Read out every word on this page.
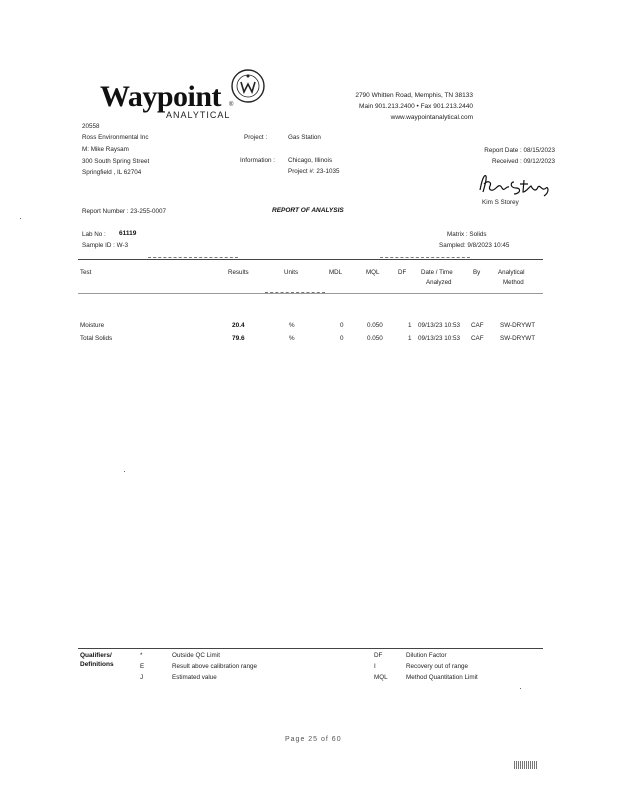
Waypoint ®
ANALYTICAL
2790 Whitten Road, Memphis, TN 38133
Main 901.213.2400 • Fax 901.213.2440
www.waypointanalytical.com
20558
Ross Environmental Inc
M: Mike Raysam
300 South Spring Street
Springfield , IL 62704
Project :	Gas Station
Information : Chicago, Illinois
Project #: 23-1035
Report Date : 08/15/2023
Received : 09/12/2023
Kim S Storey
Report Number : 23-255-0007	REPORT OF ANALYSIS
Lab No : 61119
Sample ID : W-3
Matrix : Solids
Sampled: 9/8/2023 10:45
Test	Results	Units	MDL	MQL	DF Date / Time
Analyzed
By	Analytical
Method
Moisture	20.4	%	0	0.050	1 09/13/23 10:53 CAF	SW-DRYWT
Total Solids	79.6	%	0	0.050	1 09/13/23 10:53 CAF	SW-DRYWT
Qualifiers/
Definitions
*	Outside QC Limit
E	Result above calibration range
J	Estimated value
DF	Dilution Factor
I	Recovery out of range
MQL	Method Quantitation Limit
Page 25 of 60
